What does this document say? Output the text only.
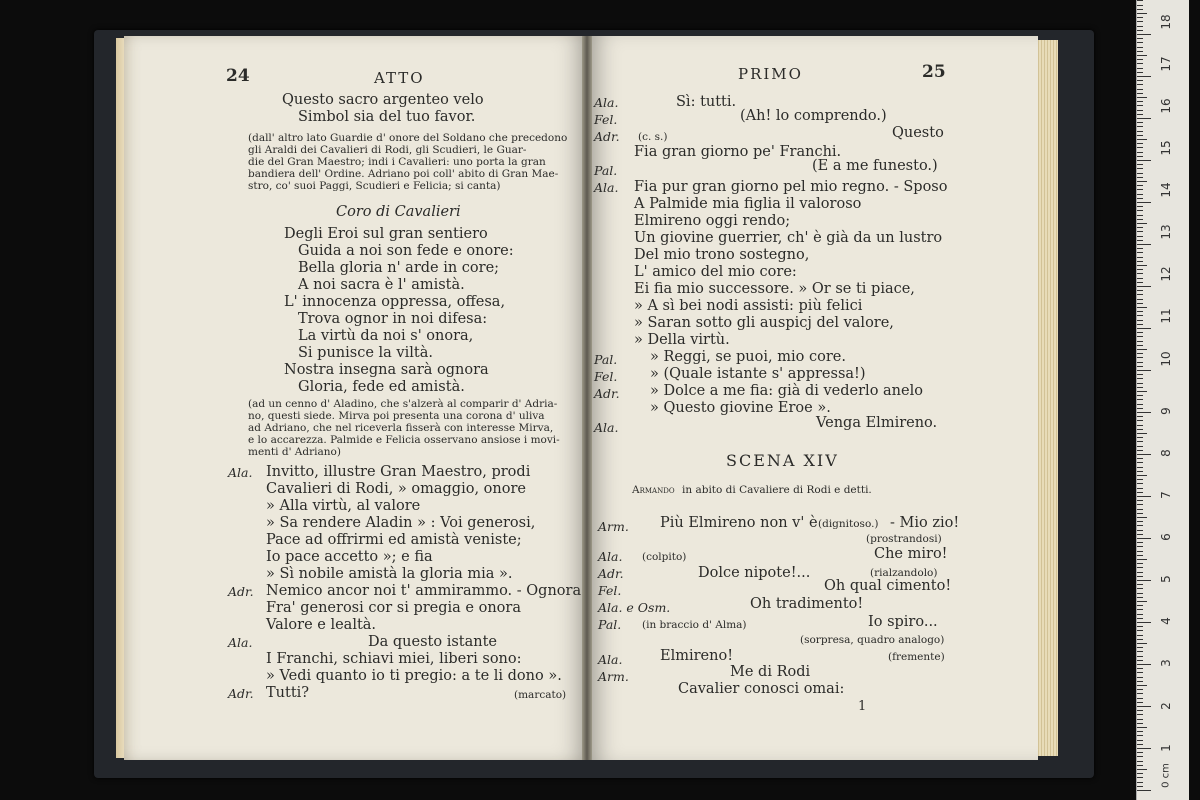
24	ATTO
Questo sacro argenteo velo
Simbol sia del tuo favor.
(dall' altro lato Guardie d' onore del Soldano che precedono
gli Araldi dei Cavalieri di Rodi, gli Scudieri, le Guar-
die del Gran Maestro; indi i Cavalieri: uno porta la gran
bandiera dell' Ordine. Adriano poi coll' abito di Gran Mae-
stro, co' suoi Paggi, Scudieri e Felicia; si canta)
Coro di Cavalieri
Degli Eroi sul gran sentiero
Guida a noi son fede e onore:
Bella gloria n' arde in core;
A noi sacra è l' amistà.
L' innocenza oppressa, offesa,
Trova ognor in noi difesa:
La virtù da noi s' onora,
Si punisce la viltà.
Nostra insegna sarà ognora
Gloria, fede ed amistà.
(ad un cenno d' Aladino, che s'alzerà al comparir d' Adria-
no, questi siede. Mirva poi presenta una corona d' uliva
ad Adriano, che nel riceverla fisserà con interesse Mirva,
e lo accarezza. Palmide e Felicia osservano ansiose i movi-
menti d' Adriano)
Ala. Invitto, illustre Gran Maestro, prodi
Cavalieri di Rodi, » omaggio, onore
» Alla virtù, al valore
» Sa rendere Aladin » : Voi generosi,
Pace ad offrirmi ed amistà veniste;
Io pace accetto »; e fia
» Sì nobile amistà la gloria mia ».
Adr. Nemico ancor noi t' ammirammo. - Ognora
Fra' generosi cor si pregia e onora
Valore e lealtà.
Ala.	Da questo istante
I Franchi, schiavi miei, liberi sono:
» Vedi quanto io ti pregio: a te li dono ».
Adr. Tutti?	(marcato)
PRIMO	25
Ala.	Sì: tutti.
Fel.	(Ah! lo comprendo.)
Adr. (c. s.)	Questo
Fia gran giorno pe' Franchi.
Pal.	(E a me funesto.)
Ala. Fia pur gran giorno pel mio regno. - Sposo
A Palmide mia figlia il valoroso
Elmireno oggi rendo;
Un giovine guerrier, ch' è già da un lustro
Del mio trono sostegno,
L' amico del mio core:
Ei fia mio successore. » Or se ti piace,
» A sì bei nodi assisti: più felici
» Saran sotto gli auspicj del valore,
» Della virtù.
Pal. » Reggi, se puoi, mio core.
Fel. » (Quale istante s' appressa!)
Adr. » Dolce a me fia: già di vederlo anelo
» Questo giovine Eroe ».
Ala.	Venga Elmireno.
SCENA XIV
Armando in abito di Cavaliere di Rodi e detti.
Arm. Più Elmireno non v' è (dignitoso.) - Mio zio!
(prostrandosi)
Ala. (colpito)	Che miro!
Adr.	Dolce nipote!...	(rialzandolo)
Fel.	Oh qual cimento!
Ala. e Osm.	Oh tradimento!
Pal. (in braccio d' Alma)	Io spiro...
(sorpresa, quadro analogo)
Ala.	Elmireno!	(fremente)
Arm.	Me di Rodi
Cavalier conosci omai:
1
0 cm
1
2
3
4
5
6
7
8
9
10
11
12
13
14
15
16
17
18
